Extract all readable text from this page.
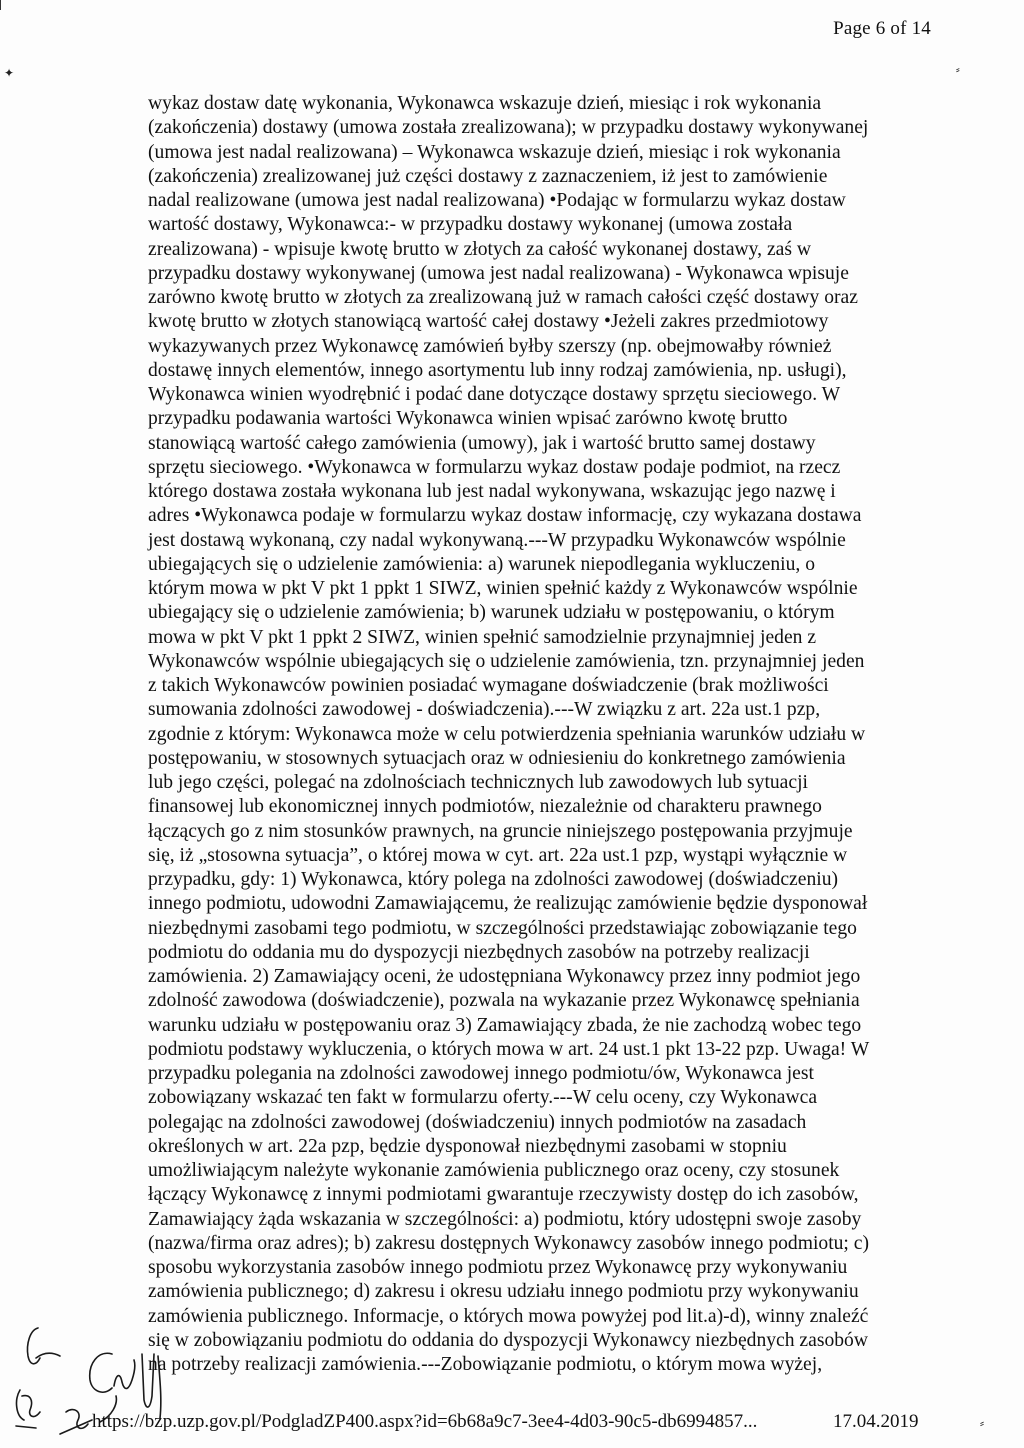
✦	⸗
Page 6 of 14
wykaz dostaw datę wykonania, Wykonawca wskazuje dzień, miesiąc i rok wykonania
(zakończenia) dostawy (umowa została zrealizowana); w przypadku dostawy wykonywanej
(umowa jest nadal realizowana) – Wykonawca wskazuje dzień, miesiąc i rok wykonania
(zakończenia) zrealizowanej już części dostawy z zaznaczeniem, iż jest to zamówienie
nadal realizowane (umowa jest nadal realizowana) •Podając w formularzu wykaz dostaw
wartość dostawy, Wykonawca:- w przypadku dostawy wykonanej (umowa została
zrealizowana) - wpisuje kwotę brutto w złotych za całość wykonanej dostawy, zaś w
przypadku dostawy wykonywanej (umowa jest nadal realizowana) - Wykonawca wpisuje
zarówno kwotę brutto w złotych za zrealizowaną już w ramach całości część dostawy oraz
kwotę brutto w złotych stanowiącą wartość całej dostawy •Jeżeli zakres przedmiotowy
wykazywanych przez Wykonawcę zamówień byłby szerszy (np. obejmowałby również
dostawę innych elementów, innego asortymentu lub inny rodzaj zamówienia, np. usługi),
Wykonawca winien wyodrębnić i podać dane dotyczące dostawy sprzętu sieciowego. W
przypadku podawania wartości Wykonawca winien wpisać zarówno kwotę brutto
stanowiącą wartość całego zamówienia (umowy), jak i wartość brutto samej dostawy
sprzętu sieciowego. •Wykonawca w formularzu wykaz dostaw podaje podmiot, na rzecz
którego dostawa została wykonana lub jest nadal wykonywana, wskazując jego nazwę i
adres •Wykonawca podaje w formularzu wykaz dostaw informację, czy wykazana dostawa
jest dostawą wykonaną, czy nadal wykonywaną.---W przypadku Wykonawców wspólnie
ubiegających się o udzielenie zamówienia: a) warunek niepodlegania wykluczeniu, o
którym mowa w pkt V pkt 1 ppkt 1 SIWZ, winien spełnić każdy z Wykonawców wspólnie
ubiegający się o udzielenie zamówienia; b) warunek udziału w postępowaniu, o którym
mowa w pkt V pkt 1 ppkt 2 SIWZ, winien spełnić samodzielnie przynajmniej jeden z
Wykonawców wspólnie ubiegających się o udzielenie zamówienia, tzn. przynajmniej jeden
z takich Wykonawców powinien posiadać wymagane doświadczenie (brak możliwości
sumowania zdolności zawodowej - doświadczenia).---W związku z art. 22a ust.1 pzp,
zgodnie z którym: Wykonawca może w celu potwierdzenia spełniania warunków udziału w
postępowaniu, w stosownych sytuacjach oraz w odniesieniu do konkretnego zamówienia
lub jego części, polegać na zdolnościach technicznych lub zawodowych lub sytuacji
finansowej lub ekonomicznej innych podmiotów, niezależnie od charakteru prawnego
łączących go z nim stosunków prawnych, na gruncie niniejszego postępowania przyjmuje
się, iż „stosowna sytuacja”, o której mowa w cyt. art. 22a ust.1 pzp, wystąpi wyłącznie w
przypadku, gdy: 1) Wykonawca, który polega na zdolności zawodowej (doświadczeniu)
innego podmiotu, udowodni Zamawiającemu, że realizując zamówienie będzie dysponował
niezbędnymi zasobami tego podmiotu, w szczególności przedstawiając zobowiązanie tego
podmiotu do oddania mu do dyspozycji niezbędnych zasobów na potrzeby realizacji
zamówienia. 2) Zamawiający oceni, że udostępniana Wykonawcy przez inny podmiot jego
zdolność zawodowa (doświadczenie), pozwala na wykazanie przez Wykonawcę spełniania
warunku udziału w postępowaniu oraz 3) Zamawiający zbada, że nie zachodzą wobec tego
podmiotu podstawy wykluczenia, o których mowa w art. 24 ust.1 pkt 13-22 pzp. Uwaga! W
przypadku polegania na zdolności zawodowej innego podmiotu/ów, Wykonawca jest
zobowiązany wskazać ten fakt w formularzu oferty.---W celu oceny, czy Wykonawca
polegając na zdolności zawodowej (doświadczeniu) innych podmiotów na zasadach
określonych w art. 22a pzp, będzie dysponował niezbędnymi zasobami w stopniu
umożliwiającym należyte wykonanie zamówienia publicznego oraz oceny, czy stosunek
łączący Wykonawcę z innymi podmiotami gwarantuje rzeczywisty dostęp do ich zasobów,
Zamawiający żąda wskazania w szczególności: a) podmiotu, który udostępni swoje zasoby
(nazwa/firma oraz adres); b) zakresu dostępnych Wykonawcy zasobów innego podmiotu; c)
sposobu wykorzystania zasobów innego podmiotu przez Wykonawcę przy wykonywaniu
zamówienia publicznego; d) zakresu i okresu udziału innego podmiotu przy wykonywaniu
zamówienia publicznego. Informacje, o których mowa powyżej pod lit.a)-d), winny znaleźć
się w zobowiązaniu podmiotu do oddania do dyspozycji Wykonawcy niezbędnych zasobów
na potrzeby realizacji zamówienia.---Zobowiązanie podmiotu, o którym mowa wyżej,
https://bzp.uzp.gov.pl/PodgladZP400.aspx?id=6b68a9c7-3ee4-4d03-90c5-db6994857...	17.04.2019	⸗
